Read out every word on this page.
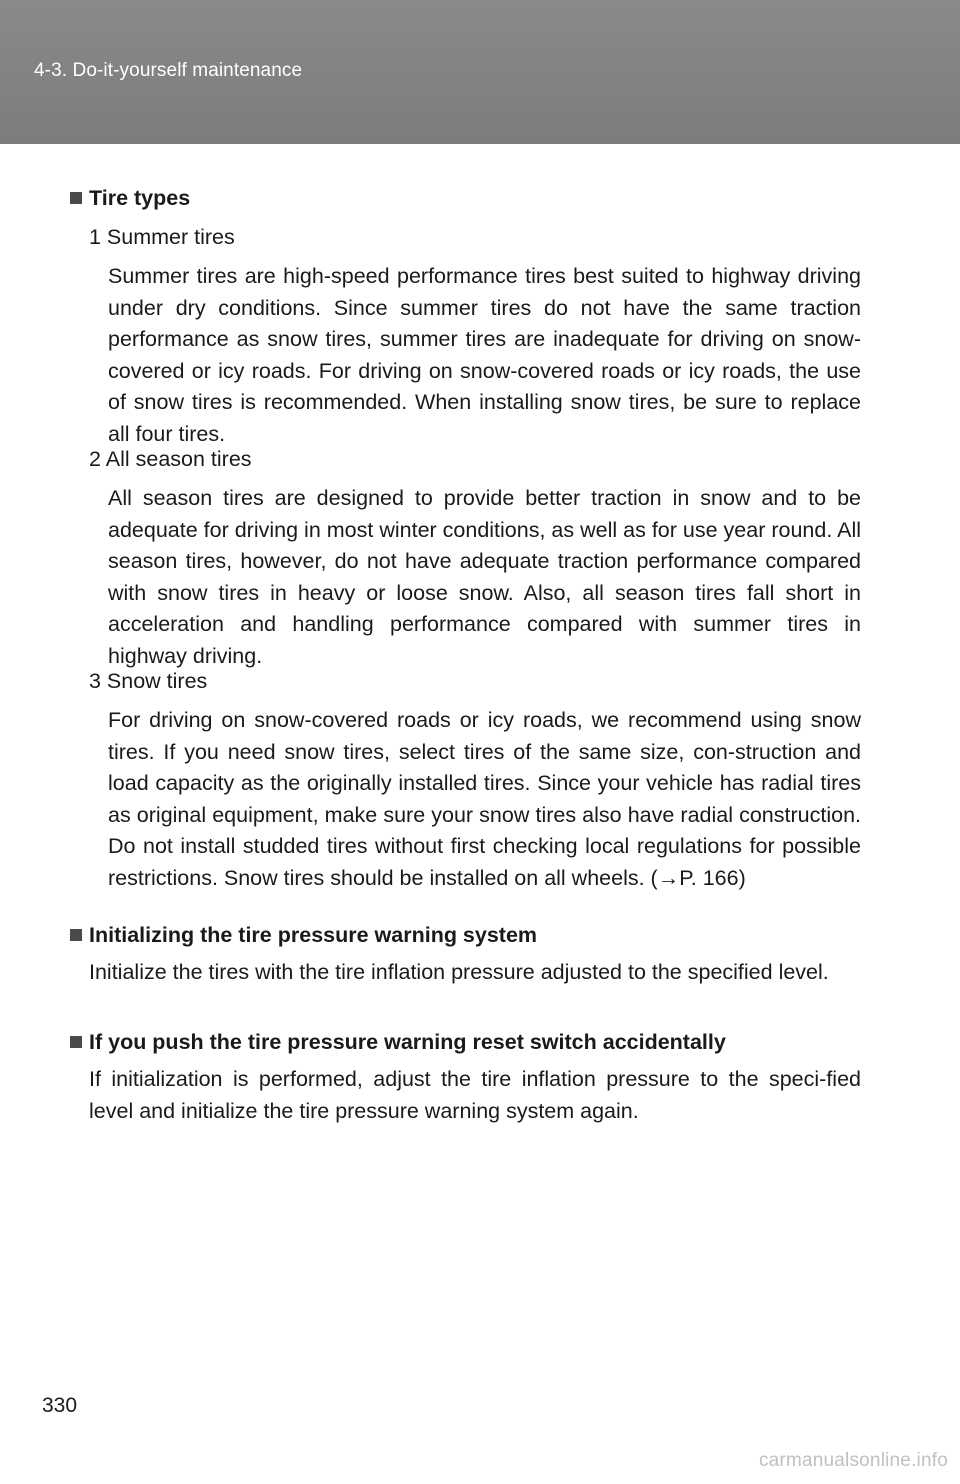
4-3. Do-it-yourself maintenance
Tire types
1 Summer tires

Summer tires are high-speed performance tires best suited to highway driving under dry conditions. Since summer tires do not have the same traction performance as snow tires, summer tires are inadequate for driving on snow-covered or icy roads. For driving on snow-covered roads or icy roads, the use of snow tires is recommended. When installing snow tires, be sure to replace all four tires.

2 All season tires

All season tires are designed to provide better traction in snow and to be adequate for driving in most winter conditions, as well as for use year round. All season tires, however, do not have adequate traction performance compared with snow tires in heavy or loose snow. Also, all season tires fall short in acceleration and handling performance compared with summer tires in highway driving.

3 Snow tires

For driving on snow-covered roads or icy roads, we recommend using snow tires. If you need snow tires, select tires of the same size, con-struction and load capacity as the originally installed tires. Since your vehicle has radial tires as original equipment, make sure your snow tires also have radial construction. Do not install studded tires without first checking local regulations for possible restrictions. Snow tires should be installed on all wheels. (→P. 166)

Initializing the tire pressure warning system

Initialize the tires with the tire inflation pressure adjusted to the specified level.

If you push the tire pressure warning reset switch accidentally

If initialization is performed, adjust the tire inflation pressure to the speci-fied level and initialize the tire pressure warning system again.

330
carmanualsonline.info
